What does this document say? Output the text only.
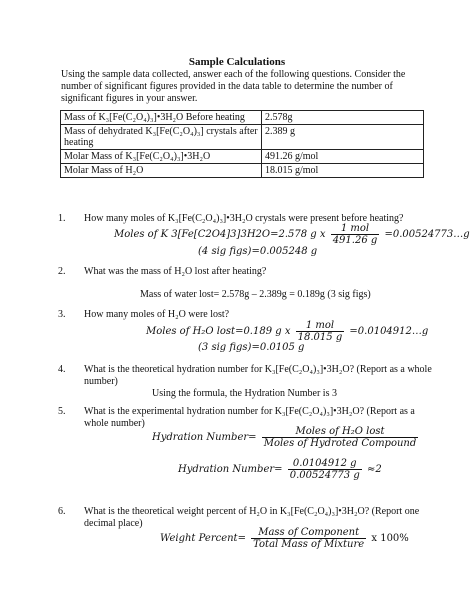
Sample Calculations
Using the sample data collected, answer each of the following questions. Consider the number of significant figures provided in the data table to determine the number of significant figures in your answer.
Mass of K₃[Fe(C₂O₄)₃]•3H₂O Before heating	2.578g
Mass of dehydrated K₃[Fe(C₂O₄)₃] crystals after heating	2.389 g
Molar Mass of K₃[Fe(C₂O₄)₃]•3H₂O	491.26 g/mol
Molar Mass of H₂O	18.015 g/mol
1. How many moles of K₃[Fe(C₂O₄)₃]•3H₂O crystals were present before heating?
Moles of K 3[Fe[C2O4]3]3H2O=2.578 g x $\frac{\text{1 mol}}{491.26 g}$ =0.00524773…g
(4 sig figs)=0.005248 g
2. What was the mass of H₂O lost after heating?
Mass of water lost= 2.578g – 2.389g = 0.189g (3 sig figs)
3. How many moles of H₂O were lost?
Moles of H₂O lost=0.189 g x $\frac{\text{1 mol}}{18.015 g}$ =0.0104912…g
(3 sig figs)=0.0105 g
4. What is the theoretical hydration number for K₃[Fe(C₂O₄)₃]•3H₂O? (Report as a whole number)
Using the formula, the Hydration Number is 3
5. What is the experimental hydration number for K₃[Fe(C₂O₄)₃]•3H₂O? (Report as a whole number)
Hydration Number= $\frac{\text{Moles of H₂O lost}}{\text{Moles of Hydroted Compound}}$
Hydration Number= $\frac{0.0104912 g}{0.00524773 g} \approx 2$
6. What is the theoretical weight percent of H₂O in K₃[Fe(C₂O₄)₃]•3H₂O? (Report one decimal place)
Weight Percent= $\frac{\text{Mass of Component}}{\text{Total Mass of Mixture}}$ x 100%
